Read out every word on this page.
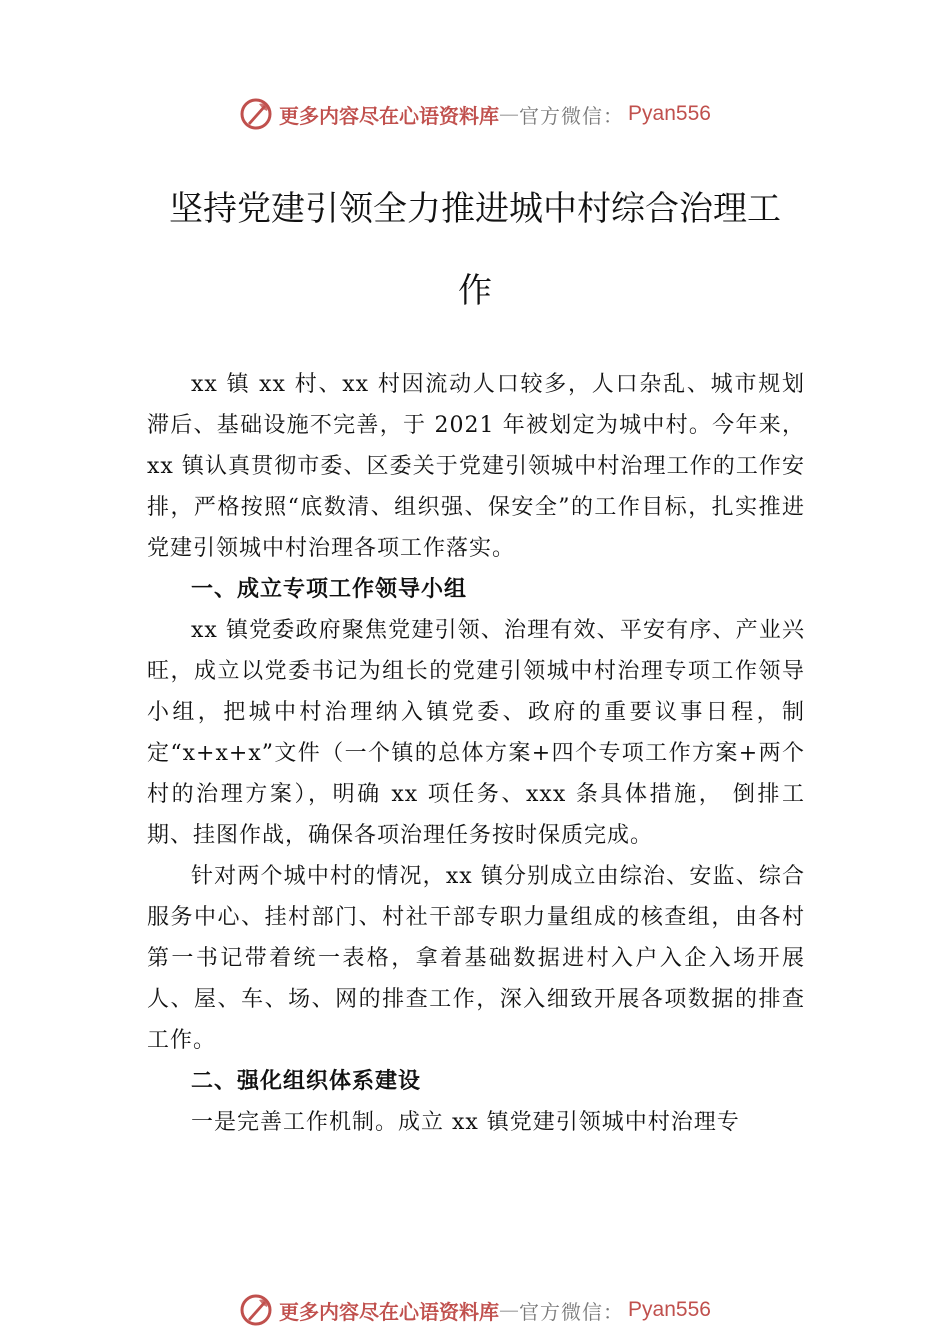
更多内容尽在心语资料库 — 官方微信： Pyan556
坚持党建引领全力推进城中村综合治理工
作

xx 镇 xx 村、xx 村因流动人口较多，人口杂乱、城市规划滞后、基础设施不完善，于 2021 年被划定为城中村。今年来，xx 镇认真贯彻市委、区委关于党建引领城中村治理工作的工作安排，严格按照“底数清、组织强、保安全”的工作目标，扎实推进党建引领城中村治理各项工作落实。

一、成立专项工作领导小组

xx 镇党委政府聚焦党建引领、治理有效、平安有序、产业兴旺，成立以党委书记为组长的党建引领城中村治理专项工作领导小组，把城中村治理纳入镇党委、政府的重要议事日程，制定“x+x+x”文件（一个镇的总体方案+四个专项工作方案+两个村的治理方案），明确 xx 项任务、xxx 条具体措施， 倒排工期、挂图作战，确保各项治理任务按时保质完成。

针对两个城中村的情况，xx 镇分别成立由综治、安监、综合服务中心、挂村部门、村社干部专职力量组成的核查组，由各村第一书记带着统一表格，拿着基础数据进村入户入企入场开展人、屋、车、场、网的排查工作，深入细致开展各项数据的排查工作。

二、强化组织体系建设

一是完善工作机制。成立 xx 镇党建引领城中村治理专

更多内容尽在心语资料库 — 官方微信： Pyan556
